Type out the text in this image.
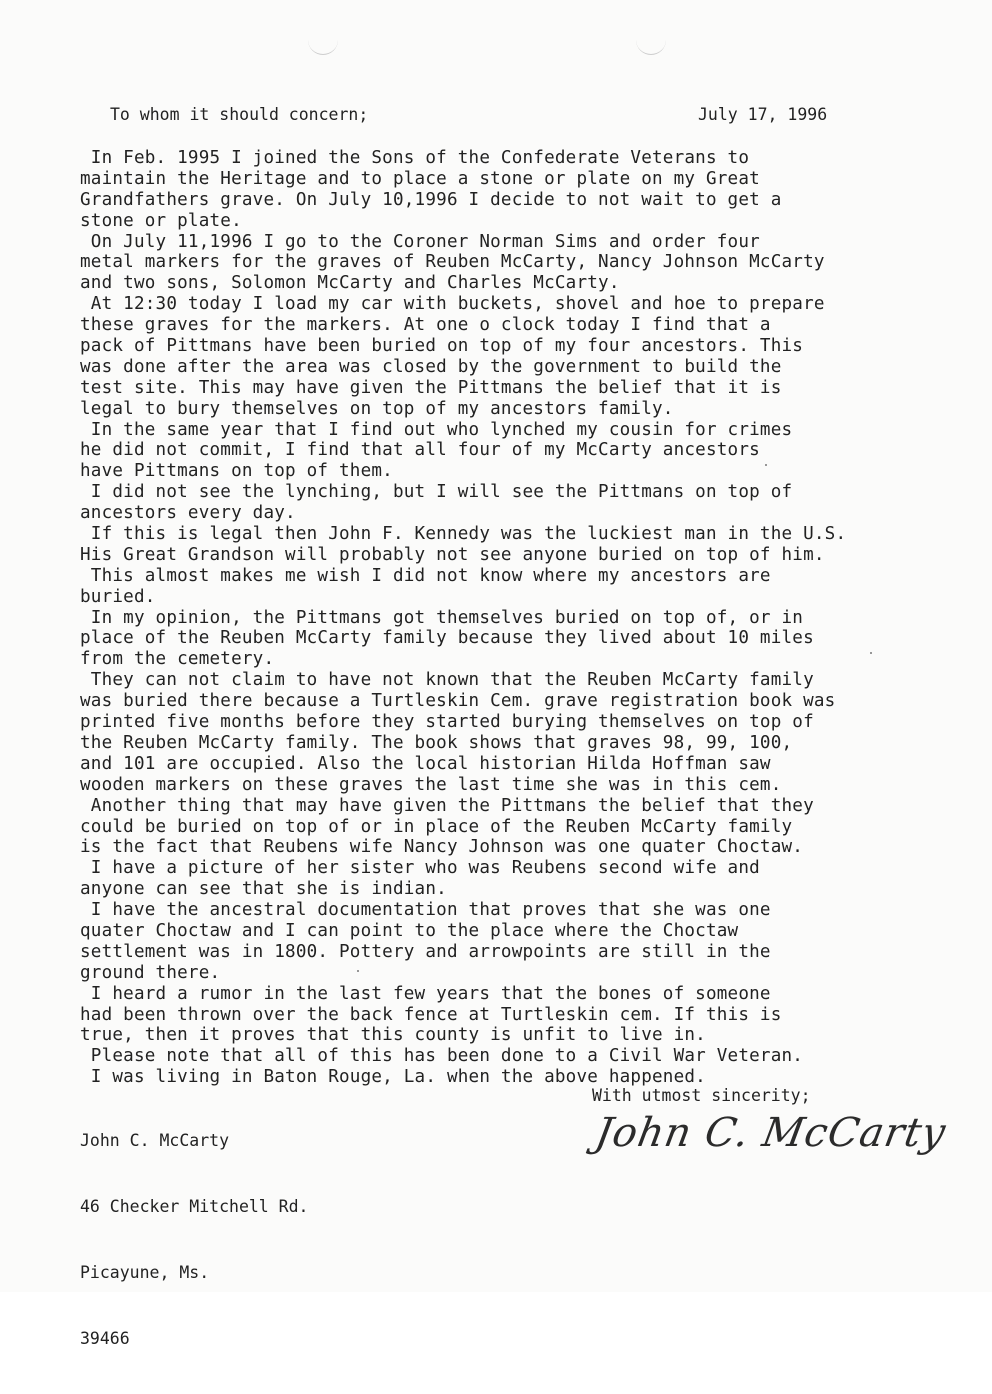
To whom it should concern;	July 17, 1996
In Feb. 1995 I joined the Sons of the Confederate Veterans to
maintain the Heritage and to place a stone or plate on my Great
Grandfathers grave. On July 10,1996 I decide to not wait to get a
stone or plate.
On July 11,1996 I go to the Coroner Norman Sims and order four
metal markers for the graves of Reuben McCarty, Nancy Johnson McCarty
and two sons, Solomon McCarty and Charles McCarty.
At 12:30 today I load my car with buckets, shovel and hoe to prepare
these graves for the markers. At one o clock today I find that a
pack of Pittmans have been buried on top of my four ancestors. This
was done after the area was closed by the government to build the
test site. This may have given the Pittmans the belief that it is
legal to bury themselves on top of my ancestors family.
In the same year that I find out who lynched my cousin for crimes
he did not commit, I find that all four of my McCarty ancestors
have Pittmans on top of them.
I did not see the lynching, but I will see the Pittmans on top of
ancestors every day.
If this is legal then John F. Kennedy was the luckiest man in the U.S.
His Great Grandson will probably not see anyone buried on top of him.
This almost makes me wish I did not know where my ancestors are
buried.
In my opinion, the Pittmans got themselves buried on top of, or in
place of the Reuben McCarty family because they lived about 10 miles
from the cemetery.
They can not claim to have not known that the Reuben McCarty family
was buried there because a Turtleskin Cem. grave registration book was
printed five months before they started burying themselves on top of
the Reuben McCarty family. The book shows that graves 98, 99, 100,
and 101 are occupied. Also the local historian Hilda Hoffman saw
wooden markers on these graves the last time she was in this cem.
Another thing that may have given the Pittmans the belief that they
could be buried on top of or in place of the Reuben McCarty family
is the fact that Reubens wife Nancy Johnson was one quater Choctaw.
I have a picture of her sister who was Reubens second wife and
anyone can see that she is indian.
I have the ancestral documentation that proves that she was one
quater Choctaw and I can point to the place where the Choctaw
settlement was in 1800. Pottery and arrowpoints are still in the
ground there.
I heard a rumor in the last few years that the bones of someone
had been thrown over the back fence at Turtleskin cem. If this is
true, then it proves that this county is unfit to live in.
Please note that all of this has been done to a Civil War Veteran.
I was living in Baton Rouge, La. when the above happened.

John C. McCarty

46 Checker Mitchell Rd.

Picayune, Ms.

39466

With utmost sincerity;
John C. McCarty
